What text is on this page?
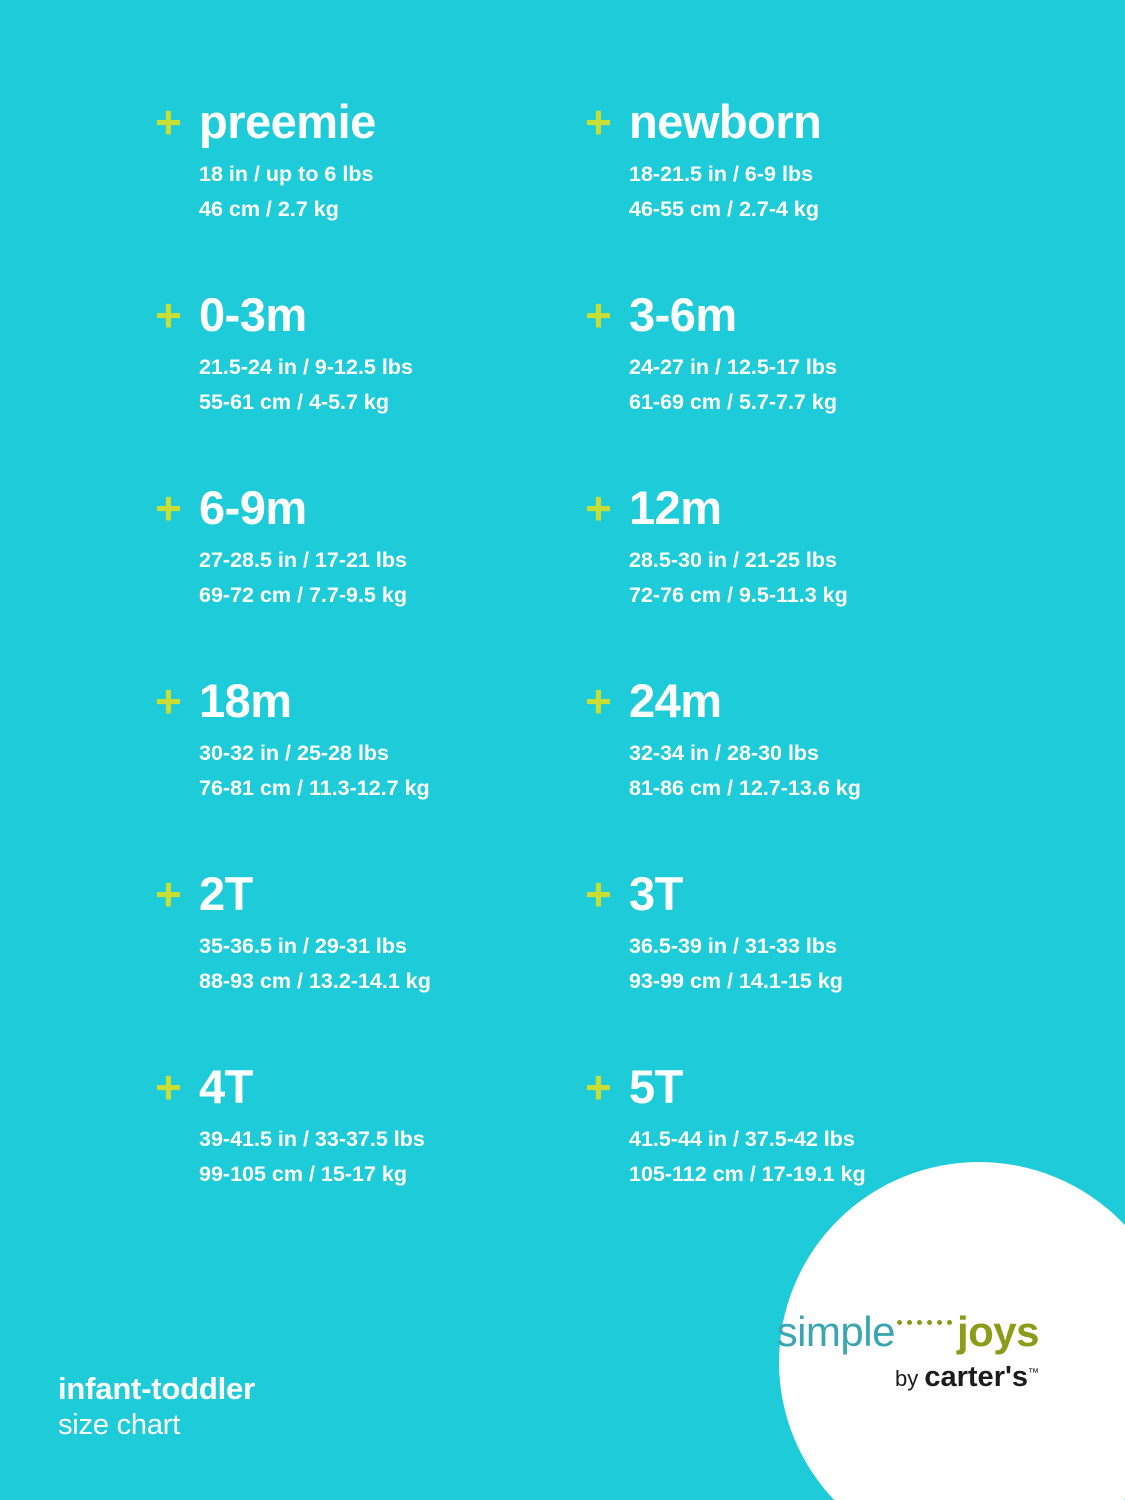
+ preemie
18 in / up to 6 lbs
46 cm / 2.7 kg
+ newborn
18-21.5 in / 6-9 lbs
46-55 cm / 2.7-4 kg
+ 0-3m
21.5-24 in / 9-12.5 lbs
55-61 cm / 4-5.7 kg
+ 3-6m
24-27 in / 12.5-17 lbs
61-69 cm / 5.7-7.7 kg
+ 6-9m
27-28.5 in / 17-21 lbs
69-72 cm / 7.7-9.5 kg
+ 12m
28.5-30 in / 21-25 lbs
72-76 cm / 9.5-11.3 kg
+ 18m
30-32 in / 25-28 lbs
76-81 cm / 11.3-12.7 kg
+ 24m
32-34 in / 28-30 lbs
81-86 cm / 12.7-13.6 kg
+ 2T
35-36.5 in / 29-31 lbs
88-93 cm / 13.2-14.1 kg
+ 3T
36.5-39 in / 31-33 lbs
93-99 cm / 14.1-15 kg
+ 4T
39-41.5 in / 33-37.5 lbs
99-105 cm / 15-17 kg
+ 5T
41.5-44 in / 37.5-42 lbs
105-112 cm / 17-19.1 kg
infant-toddler
size chart
simple joys
by carter's™
